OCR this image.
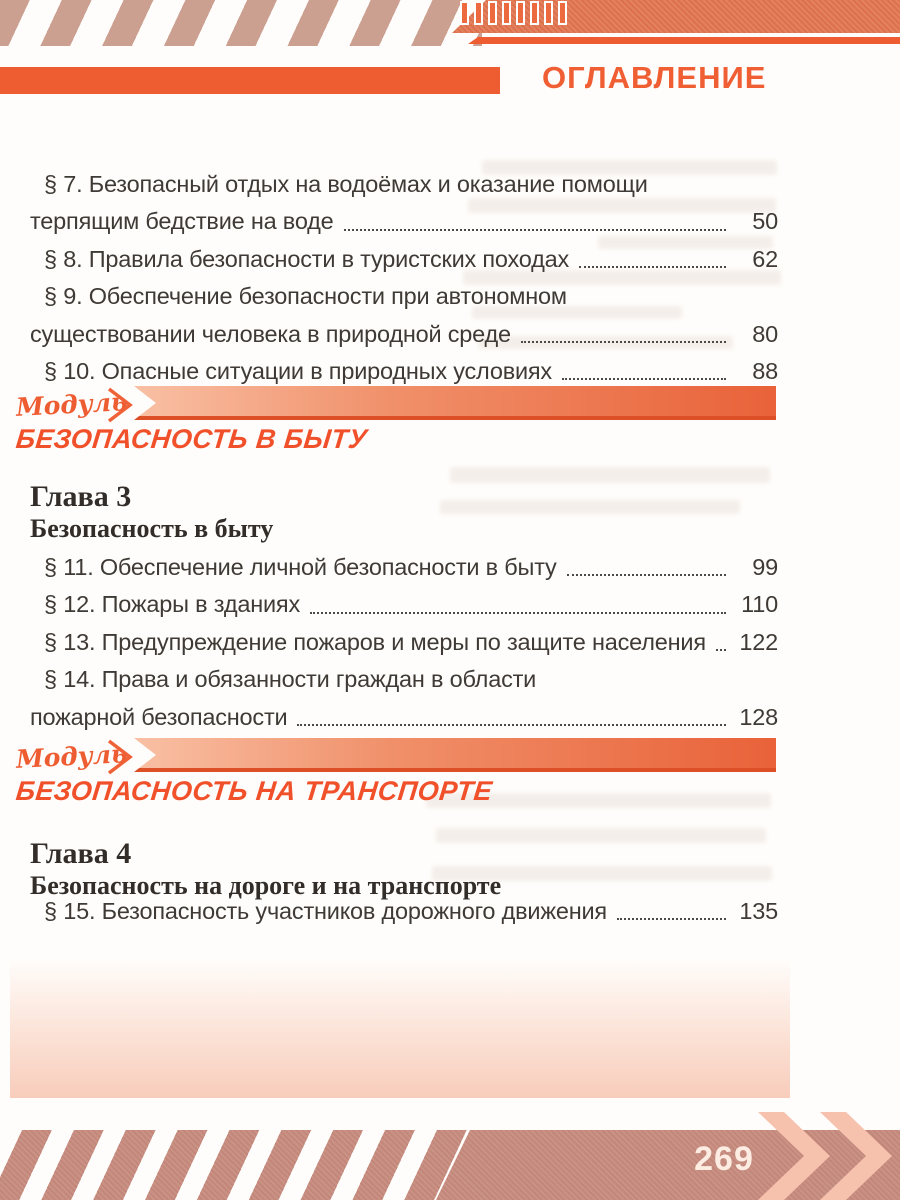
ОГЛАВЛЕНИЕ
§ 7. Безопасный отдых на водоёмах и оказание помощи
терпящим бедствие на воде	50
§ 8. Правила безопасности в туристских походах	62
§ 9. Обеспечение безопасности при автономном
существовании человека в природной среде	80
§ 10. Опасные ситуации в природных условиях	88
Модуль
БЕЗОПАСНОСТЬ В БЫТУ
Глава 3
Безопасность в быту
§ 11. Обеспечение личной безопасности в быту	99
§ 12. Пожары в зданиях	110
§ 13. Предупреждение пожаров и меры по защите населения 122
§ 14. Права и обязанности граждан в области
пожарной безопасности	128
Модуль
БЕЗОПАСНОСТЬ НА ТРАНСПОРТЕ
Глава 4
Безопасность на дороге и на транспорте
§ 15. Безопасность участников дорожного движения	135
269
